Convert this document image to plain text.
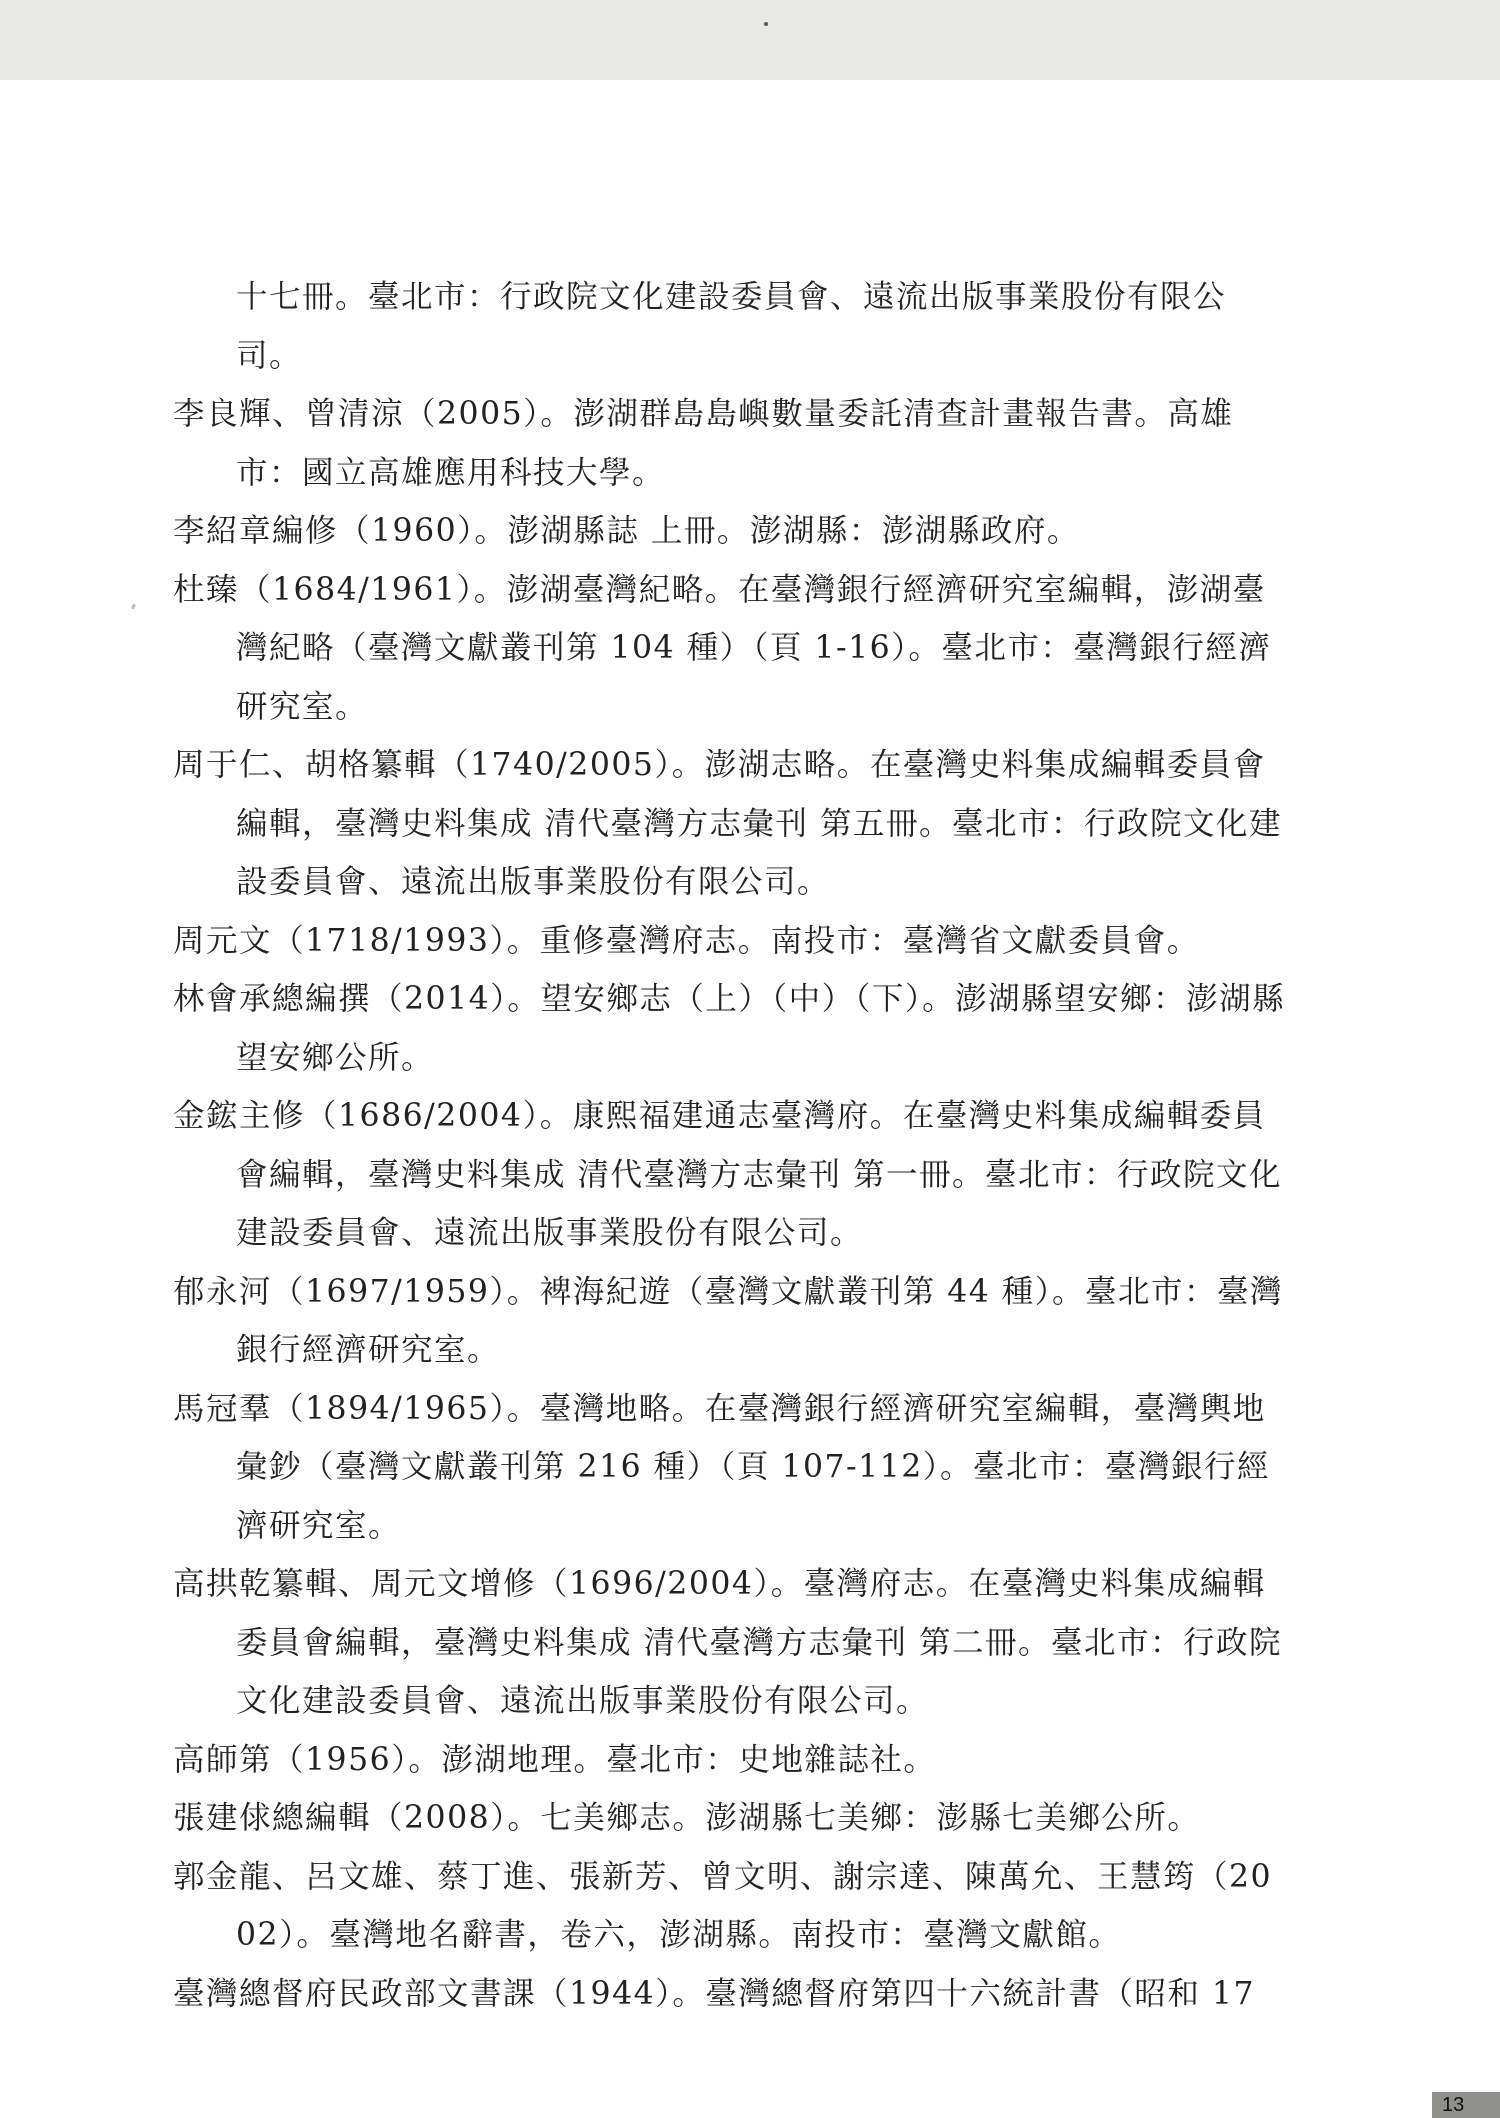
十七冊。臺北市：行政院文化建設委員會、遠流出版事業股份有限公司。
李良輝、曾清涼（2005）。澎湖群島島嶼數量委託清查計畫報告書。高雄市：國立高雄應用科技大學。
李紹章編修（1960）。澎湖縣誌 上冊。澎湖縣：澎湖縣政府。
杜臻（1684/1961）。澎湖臺灣紀略。在臺灣銀行經濟研究室編輯，澎湖臺灣紀略（臺灣文獻叢刊第 104 種）（頁 1-16）。臺北市：臺灣銀行經濟研究室。
周于仁、胡格纂輯（1740/2005）。澎湖志略。在臺灣史料集成編輯委員會編輯，臺灣史料集成 清代臺灣方志彙刊 第五冊。臺北市：行政院文化建設委員會、遠流出版事業股份有限公司。
周元文（1718/1993）。重修臺灣府志。南投市：臺灣省文獻委員會。
林會承總編撰（2014）。望安鄉志（上）（中）（下）。澎湖縣望安鄉：澎湖縣望安鄉公所。
金鋐主修（1686/2004）。康熙福建通志臺灣府。在臺灣史料集成編輯委員會編輯，臺灣史料集成 清代臺灣方志彙刊 第一冊。臺北市：行政院文化建設委員會、遠流出版事業股份有限公司。
郁永河（1697/1959）。裨海紀遊（臺灣文獻叢刊第 44 種）。臺北市：臺灣銀行經濟研究室。
馬冠羣（1894/1965）。臺灣地略。在臺灣銀行經濟研究室編輯，臺灣輿地彙鈔（臺灣文獻叢刊第 216 種）（頁 107-112）。臺北市：臺灣銀行經濟研究室。
高拱乾纂輯、周元文增修（1696/2004）。臺灣府志。在臺灣史料集成編輯委員會編輯，臺灣史料集成 清代臺灣方志彙刊 第二冊。臺北市：行政院文化建設委員會、遠流出版事業股份有限公司。
高師第（1956）。澎湖地理。臺北市：史地雜誌社。
張建俅總編輯（2008）。七美鄉志。澎湖縣七美鄉：澎縣七美鄉公所。
郭金龍、呂文雄、蔡丁進、張新芳、曾文明、謝宗達、陳萬允、王慧筠（2002）。臺灣地名辭書，卷六，澎湖縣。南投市：臺灣文獻館。
臺灣總督府民政部文書課（1944）。臺灣總督府第四十六統計書（昭和 17
13
